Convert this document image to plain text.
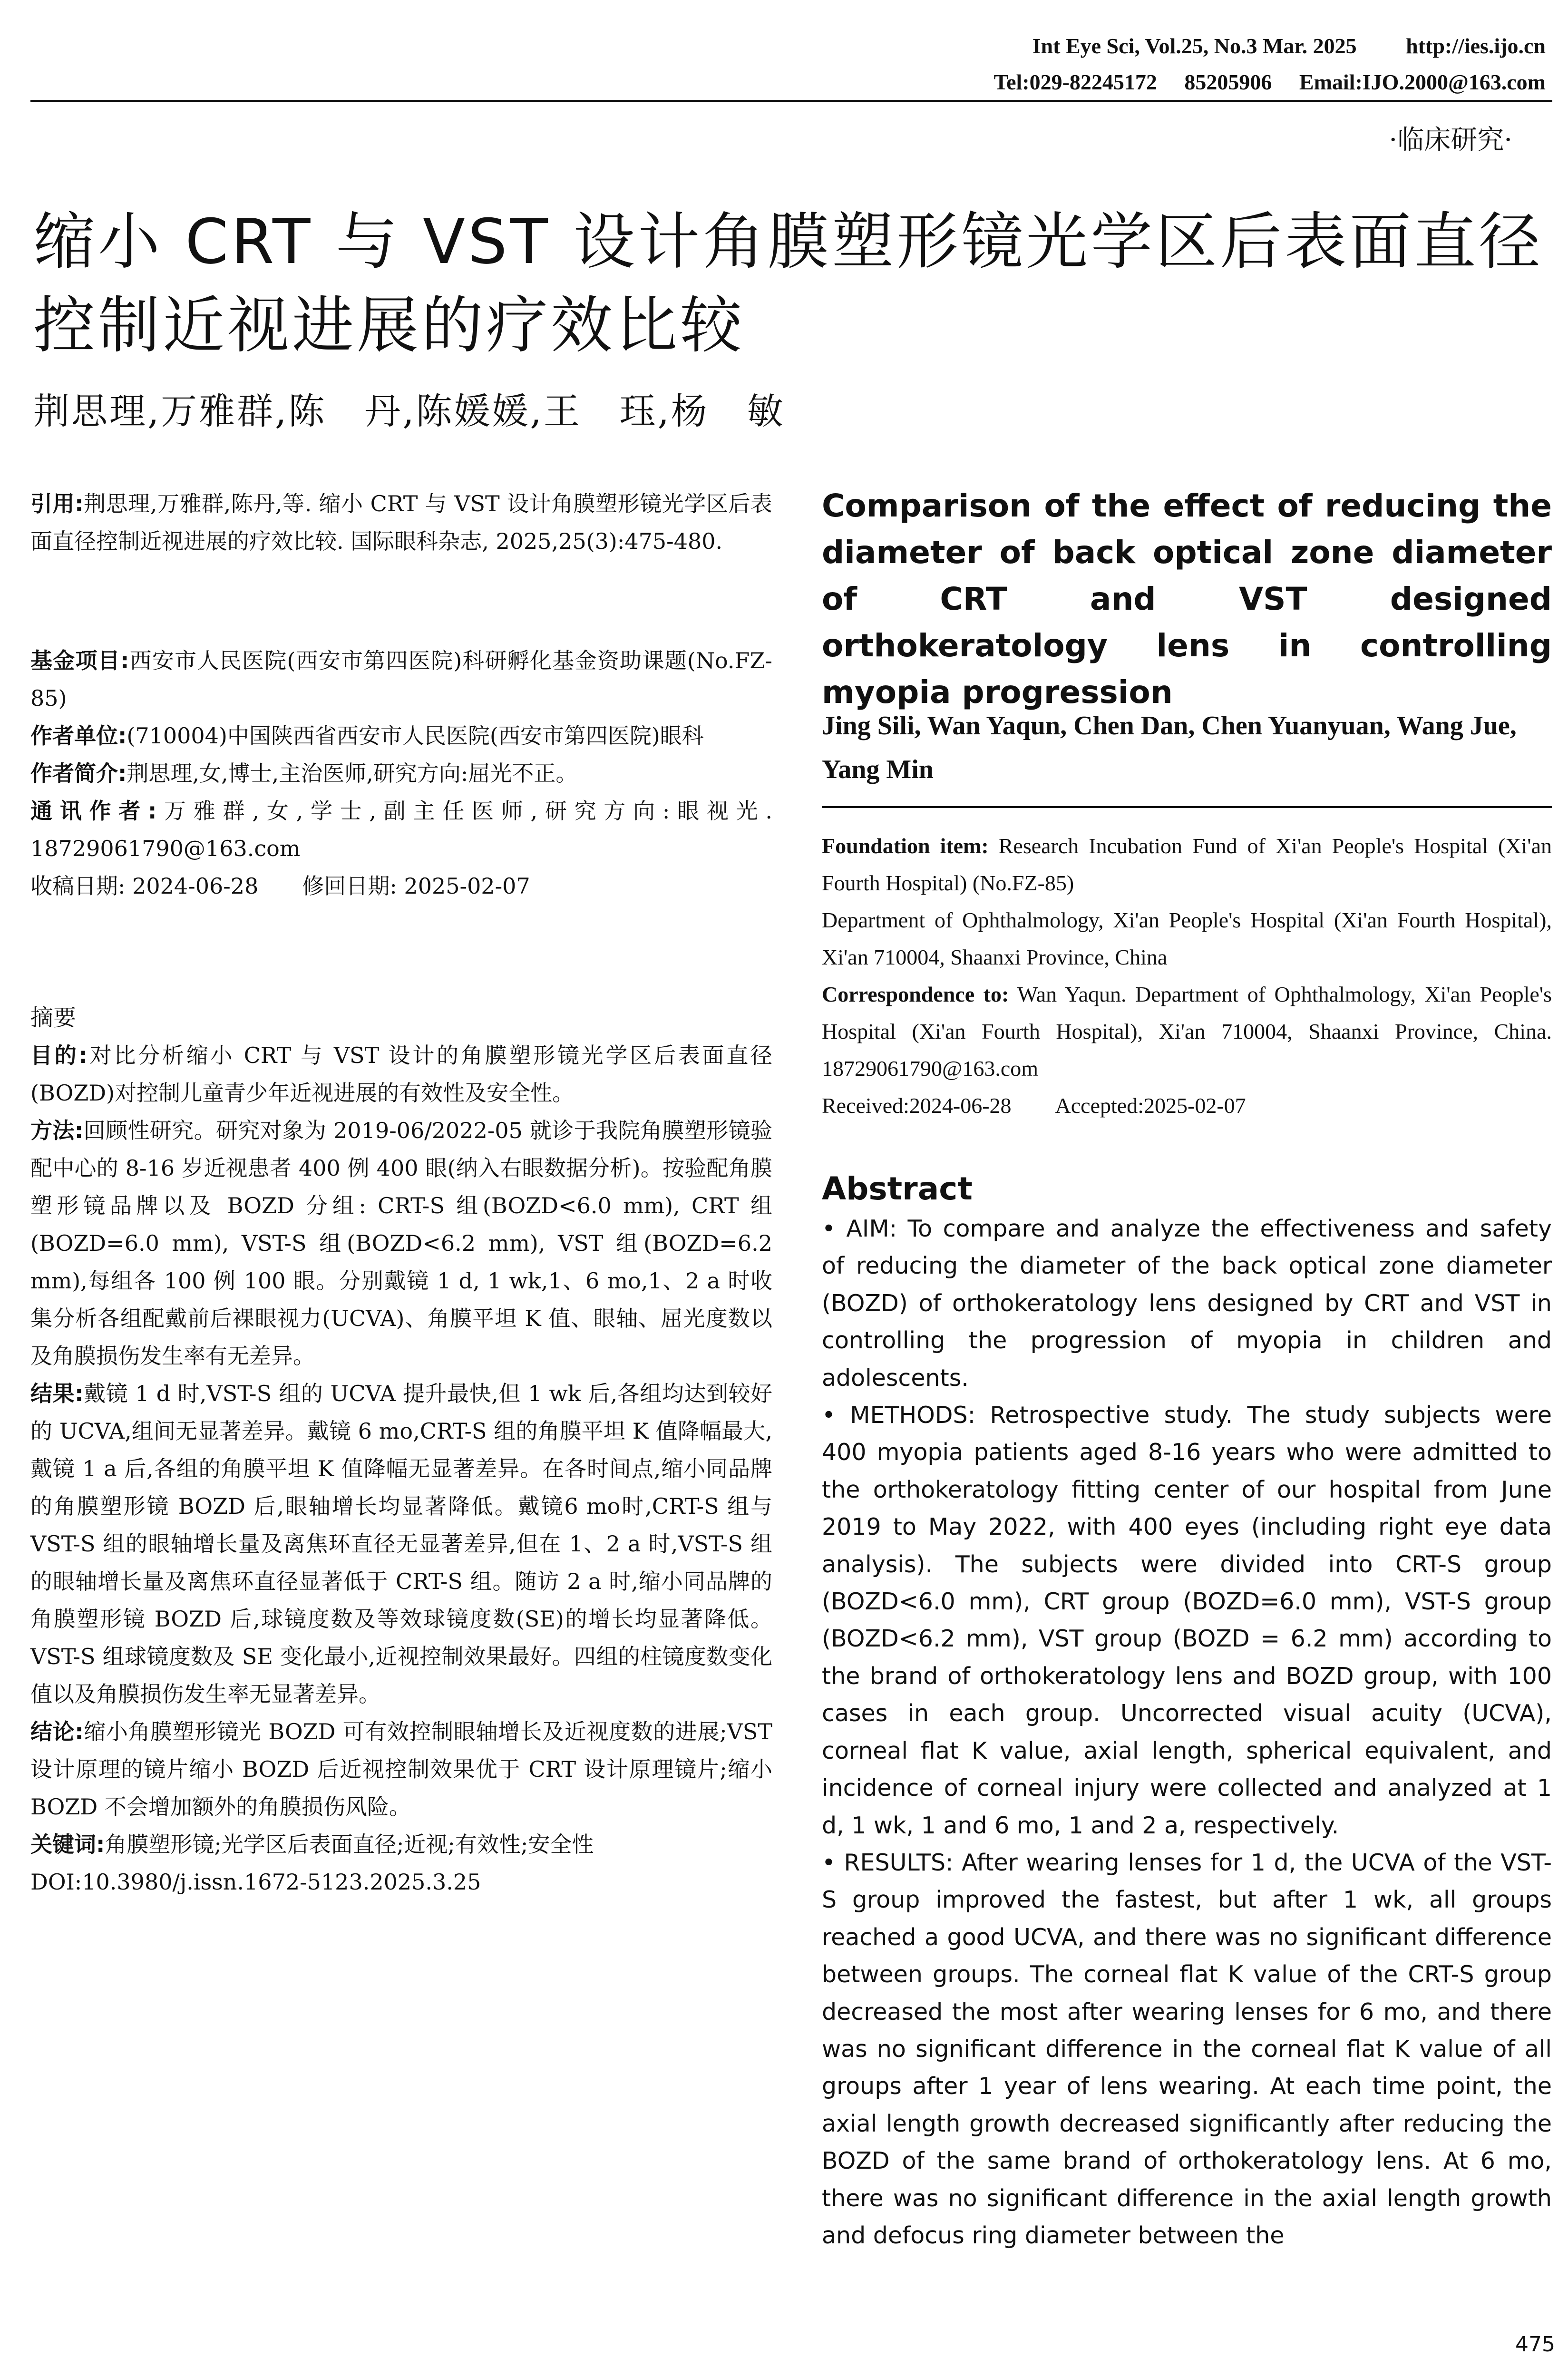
Int Eye Sci, Vol.25, No.3 Mar. 2025　　 http://ies.ijo.cn
Tel:029-82245172　 85205906　 Email:IJO.2000@163.com
·临床研究·
缩小 CRT 与 VST 设计角膜塑形镜光学区后表面直径控制近视进展的疗效比较
荆思理,万雅群,陈　丹,陈媛媛,王　珏,杨　敏
引用:荆思理,万雅群,陈丹,等. 缩小 CRT 与 VST 设计角膜塑形镜光学区后表面直径控制近视进展的疗效比较. 国际眼科杂志, 2025,25(3):475-480.

基金项目:西安市人民医院(西安市第四医院)科研孵化基金资助课题(No.FZ-85)

作者单位:(710004)中国陕西省西安市人民医院(西安市第四医院)眼科

作者简介:荆思理,女,博士,主治医师,研究方向:屈光不正。

通讯作者:万雅群,女,学士,副主任医师,研究方向:眼视光. 18729061790@163.com

收稿日期: 2024-06-28　　修回日期: 2025-02-07

摘要

目的:对比分析缩小 CRT 与 VST 设计的角膜塑形镜光学区后表面直径(BOZD)对控制儿童青少年近视进展的有效性及安全性。

方法:回顾性研究。研究对象为 2019-06/2022-05 就诊于我院角膜塑形镜验配中心的 8-16 岁近视患者 400 例 400 眼(纳入右眼数据分析)。按验配角膜塑形镜品牌以及 BOZD 分组: CRT-S 组(BOZD<6.0 mm), CRT 组(BOZD=6.0 mm), VST-S 组(BOZD<6.2 mm), VST 组(BOZD=6.2 mm),每组各 100 例 100 眼。分别戴镜 1 d, 1 wk,1、6 mo,1、2 a 时收集分析各组配戴前后裸眼视力(UCVA)、角膜平坦 K 值、眼轴、屈光度数以及角膜损伤发生率有无差异。

结果:戴镜 1 d 时,VST-S 组的 UCVA 提升最快,但 1 wk 后,各组均达到较好的 UCVA,组间无显著差异。戴镜 6 mo,CRT-S 组的角膜平坦 K 值降幅最大,戴镜 1 a 后,各组的角膜平坦 K 值降幅无显著差异。在各时间点,缩小同品牌的角膜塑形镜 BOZD 后,眼轴增长均显著降低。戴镜6 mo时,CRT-S 组与 VST-S 组的眼轴增长量及离焦环直径无显著差异,但在 1、2 a 时,VST-S 组的眼轴增长量及离焦环直径显著低于 CRT-S 组。随访 2 a 时,缩小同品牌的角膜塑形镜 BOZD 后,球镜度数及等效球镜度数(SE)的增长均显著降低。VST-S 组球镜度数及 SE 变化最小,近视控制效果最好。四组的柱镜度数变化值以及角膜损伤发生率无显著差异。

结论:缩小角膜塑形镜光 BOZD 可有效控制眼轴增长及近视度数的进展;VST 设计原理的镜片缩小 BOZD 后近视控制效果优于 CRT 设计原理镜片;缩小 BOZD 不会增加额外的角膜损伤风险。

关键词:角膜塑形镜;光学区后表面直径;近视;有效性;安全性

DOI:10.3980/j.issn.1672-5123.2025.3.25

Comparison of the effect of reducing the diameter of back optical zone diameter of CRT and VST designed orthokeratology lens in controlling myopia progression
Jing Sili, Wan Yaqun, Chen Dan, Chen Yuanyuan, Wang Jue, Yang Min

Foundation item: Research Incubation Fund of Xi'an People's Hospital (Xi'an Fourth Hospital) (No.FZ-85)

Department of Ophthalmology, Xi'an People's Hospital (Xi'an Fourth Hospital), Xi'an 710004, Shaanxi Province, China

Correspondence to: Wan Yaqun. Department of Ophthalmology, Xi'an People's Hospital (Xi'an Fourth Hospital), Xi'an 710004, Shaanxi Province, China. 18729061790@163.com

Received:2024-06-28　　Accepted:2025-02-07

Abstract

• AIM: To compare and analyze the effectiveness and safety of reducing the diameter of the back optical zone diameter (BOZD) of orthokeratology lens designed by CRT and VST in controlling the progression of myopia in children and adolescents.

• METHODS: Retrospective study. The study subjects were 400 myopia patients aged 8-16 years who were admitted to the orthokeratology fitting center of our hospital from June 2019 to May 2022, with 400 eyes (including right eye data analysis). The subjects were divided into CRT-S group (BOZD<6.0 mm), CRT group (BOZD=6.0 mm), VST-S group (BOZD<6.2 mm), VST group (BOZD = 6.2 mm) according to the brand of orthokeratology lens and BOZD group, with 100 cases in each group. Uncorrected visual acuity (UCVA), corneal flat K value, axial length, spherical equivalent, and incidence of corneal injury were collected and analyzed at 1 d, 1 wk, 1 and 6 mo, 1 and 2 a, respectively.

• RESULTS: After wearing lenses for 1 d, the UCVA of the VST-S group improved the fastest, but after 1 wk, all groups reached a good UCVA, and there was no significant difference between groups. The corneal flat K value of the CRT-S group decreased the most after wearing lenses for 6 mo, and there was no significant difference in the corneal flat K value of all groups after 1 year of lens wearing. At each time point, the axial length growth decreased significantly after reducing the BOZD of the same brand of orthokeratology lens. At 6 mo, there was no significant difference in the axial length growth and defocus ring diameter between the

475
